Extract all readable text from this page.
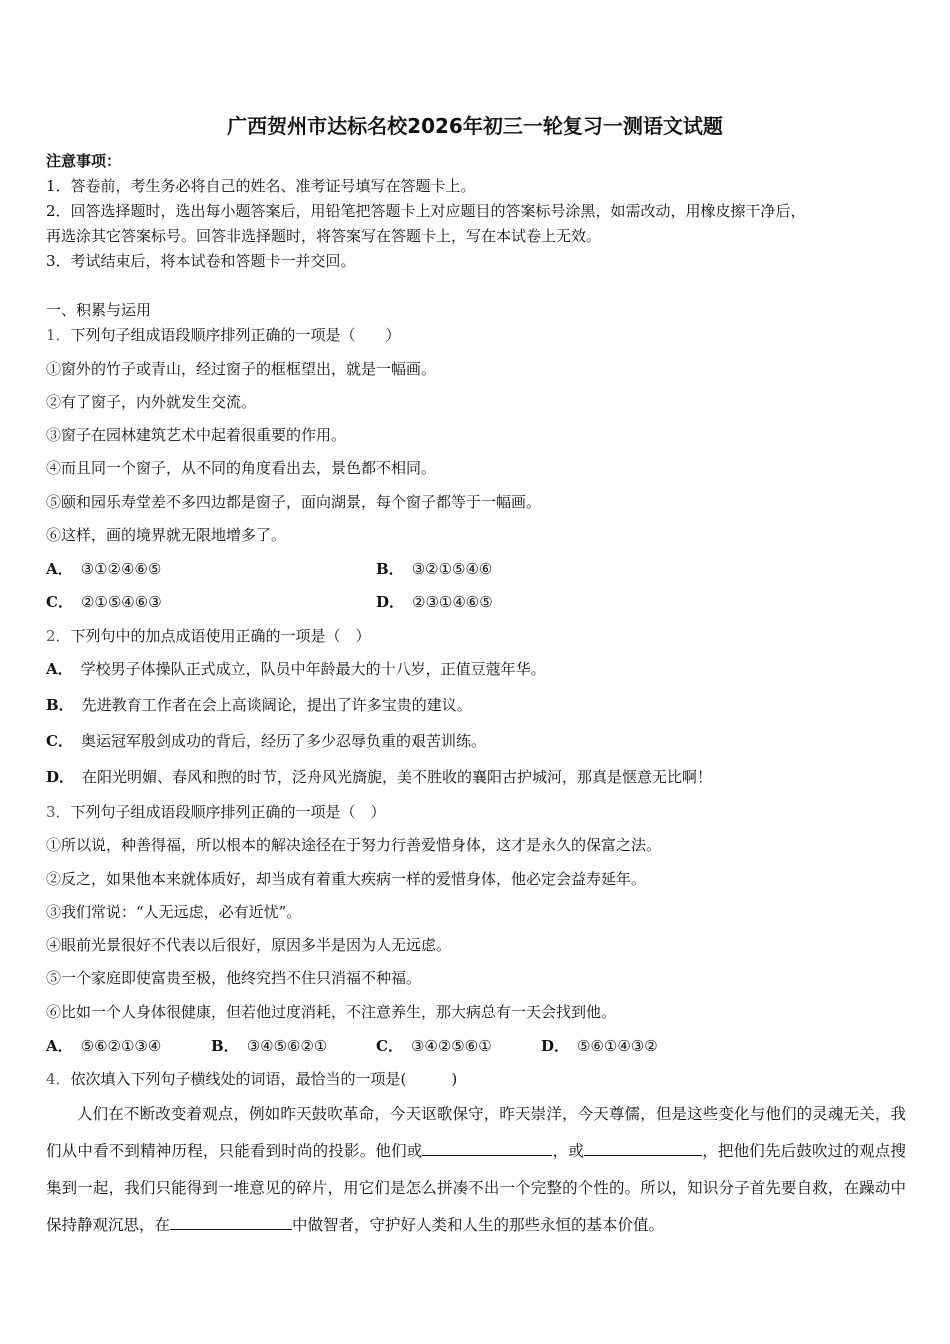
广西贺州市达标名校2026年初三一轮复习一测语文试题

注意事项：

1．答卷前，考生务必将自己的姓名、准考证号填写在答题卡上。

2．回答选择题时，选出每小题答案后，用铅笔把答题卡上对应题目的答案标号涂黑，如需改动，用橡皮擦干净后，

再选涂其它答案标号。回答非选择题时，将答案写在答题卡上，写在本试卷上无效。

3．考试结束后，将本试卷和答题卡一并交回。

一、积累与运用

1．下列句子组成语段顺序排列正确的一项是（　　）

①窗外的竹子或青山，经过窗子的框框望出，就是一幅画。

②有了窗子，内外就发生交流。

③窗子在园林建筑艺术中起着很重要的作用。

④而且同一个窗子，从不同的角度看出去，景色都不相同。

⑤颐和园乐寿堂差不多四边都是窗子，面向湖景，每个窗子都等于一幅画。

⑥这样，画的境界就无限地增多了。

A． ③①②④⑥⑤	B． ③②①⑤④⑥
C． ②①⑤④⑥③	D． ②③①④⑥⑤

2．下列句中的加点成语使用正确的一项是（　）

A． 学校男子体操队正式成立，队员中年龄最大的十八岁，正值豆蔻年华。
B． 先进教育工作者在会上高谈阔论，提出了许多宝贵的建议。
C． 奥运冠军殷剑成功的背后，经历了多少忍辱负重的艰苦训练。
D． 在阳光明媚、春风和煦的时节，泛舟风光旖旎，美不胜收的襄阳古护城河，那真是惬意无比啊！

3．下列句子组成语段顺序排列正确的一项是（　）

①所以说，种善得福，所以根本的解决途径在于努力行善爱惜身体，这才是永久的保富之法。

②反之，如果他本来就体质好，却当成有着重大疾病一样的爱惜身体，他必定会益寿延年。

③我们常说：“人无远虑，必有近忧”。

④眼前光景很好不代表以后很好，原因多半是因为人无远虑。

⑤一个家庭即使富贵至极，他终究挡不住只消福不种福。

⑥比如一个人身体很健康，但若他过度消耗，不注意养生，那大病总有一天会找到他。

A． ⑤⑥②①③④	B． ③④⑤⑥②①	C． ③④②⑤⑥①	D． ⑤⑥①④③②

4．依次填入下列句子横线处的词语，最恰当的一项是(　　　)

人们在不断改变着观点，例如昨天鼓吹革命，今天讴歌保守，昨天崇洋，今天尊儒，但是这些变化与他们的灵魂无关，我们从中看不到精神历程，只能看到时尚的投影。他们或	，或	，把他们先后鼓吹过的观点搜集到一起，我们只能得到一堆意见的碎片，用它们是怎么拼凑不出一个完整的个性的。所以，知识分子首先要自救，在躁动中保持静观沉思，在	中做智者，守护好人类和人生的那些永恒的基本价值。
